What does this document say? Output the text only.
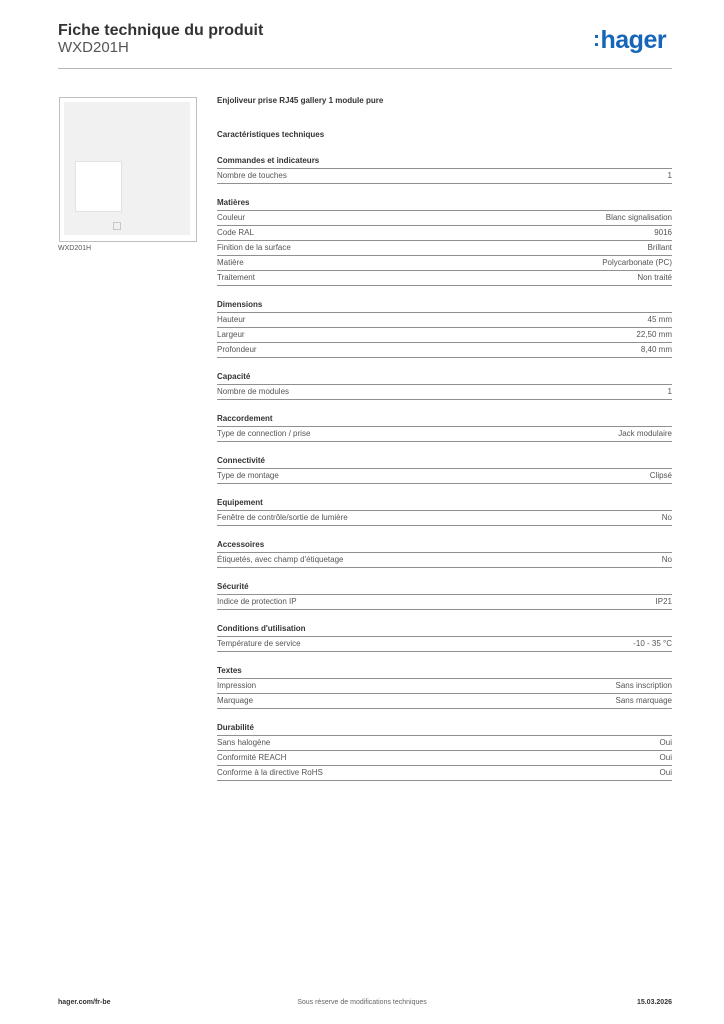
Fiche technique du produit
WXD201H	:hager
WXD201H
Enjoliveur prise RJ45 gallery 1 module pure
Caractéristiques techniques
Commandes et indicateurs
Nombre de touches	1
Matières
Couleur	Blanc signalisation
Code RAL	9016
Finition de la surface	Brillant
Matière	Polycarbonate (PC)
Traitement	Non traité
Dimensions
Hauteur	45 mm
Largeur	22,50 mm
Profondeur	8,40 mm
Capacité
Nombre de modules	1
Raccordement
Type de connection / prise	Jack modulaire
Connectivité
Type de montage	Clipsé
Equipement
Fenêtre de contrôle/sortie de lumière	No
Accessoires
Étiquetés, avec champ d'étiquetage	No
Sécurité
Indice de protection IP	IP21
Conditions d'utilisation
Température de service	-10 - 35 °C
Textes
Impression	Sans inscription
Marquage	Sans marquage
Durabilité
Sans halogène	Oui
Conformité REACH	Oui
Conforme à la directive RoHS	Oui
hager.com/fr-be	Sous réserve de modifications techniques	15.03.2026
